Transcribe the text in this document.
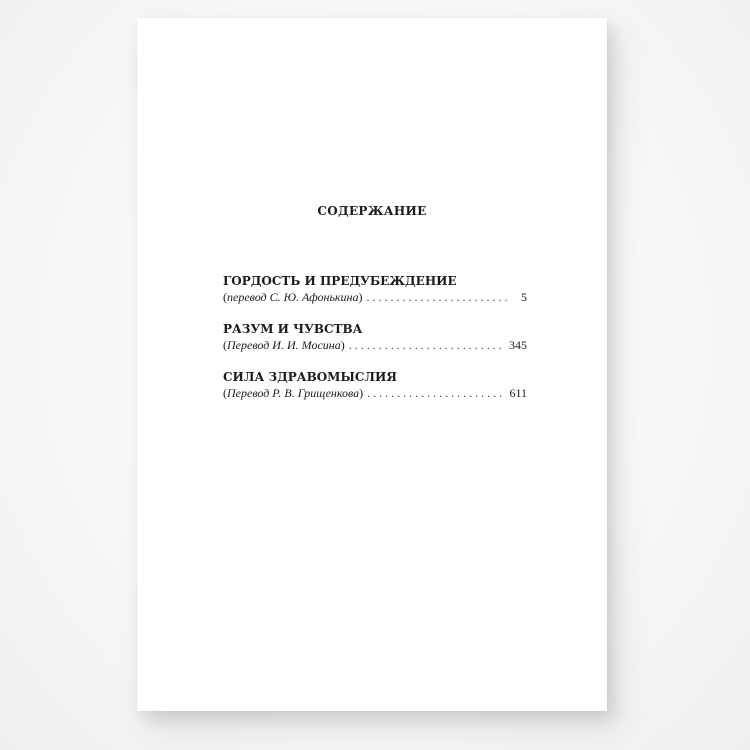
СОДЕРЖАНИЕ
ГОРДОСТЬ И ПРЕДУБЕЖДЕНИЕ
( перевод С. Ю. Афонькина ) . . .	5
РАЗУМ И ЧУВСТВА
( Перевод И. И. Мосина ) . . .	345
СИЛА ЗДРАВОМЫСЛИЯ
( Перевод Р. В. Грищенкова ) . . .	611
